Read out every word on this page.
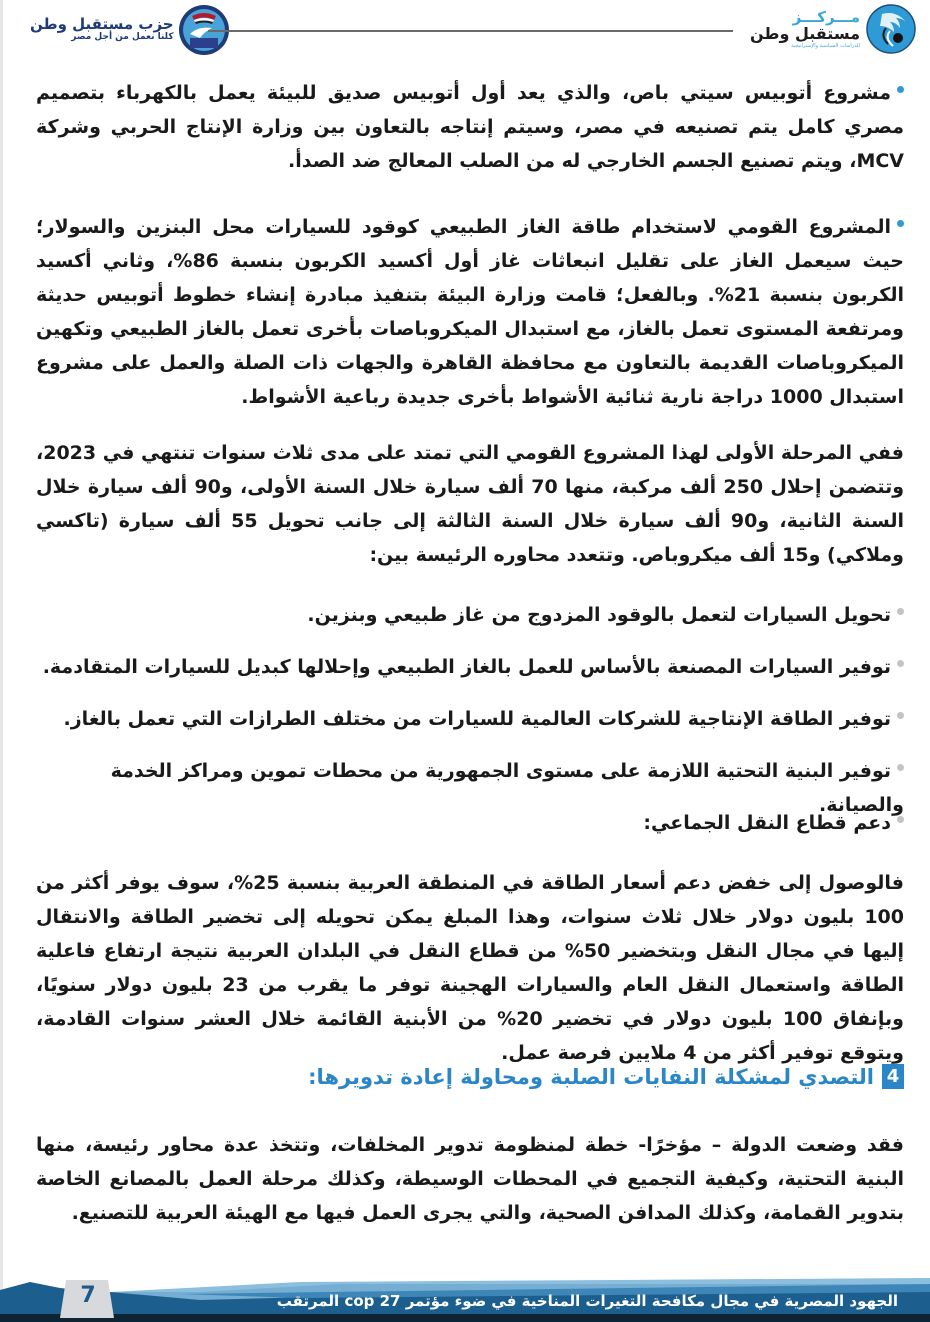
حزب مستقبل وطن
كلنا نعمل من أجل مصر
مـــركـــز
مستقبل وطن
للدراسات السياسية والإستراتيجية

مشروع أتوبيس سيتي باص، والذي يعد أول أتوبيس صديق للبيئة يعمل بالكهرباء بتصميم مصري كامل يتم تصنيعه في مصر، وسيتم إنتاجه بالتعاون بين وزارة الإنتاج الحربي وشركة MCV، ويتم تصنيع الجسم الخارجي له من الصلب المعالج ضد الصدأ.

المشروع القومي لاستخدام طاقة الغاز الطبيعي كوقود للسيارات محل البنزين والسولار؛ حيث سيعمل الغاز على تقليل انبعاثات غاز أول أكسيد الكربون بنسبة 86%، وثاني أكسيد الكربون بنسبة 21%. وبالفعل؛ قامت وزارة البيئة بتنفيذ مبادرة إنشاء خطوط أتوبيس حديثة ومرتفعة المستوى تعمل بالغاز، مع استبدال الميكروباصات بأخرى تعمل بالغاز الطبيعي وتكهين الميكروباصات القديمة بالتعاون مع محافظة القاهرة والجهات ذات الصلة والعمل على مشروع استبدال 1000 دراجة نارية ثنائية الأشواط بأخرى جديدة رباعية الأشواط.

ففي المرحلة الأولى لهذا المشروع القومي التي تمتد على مدى ثلاث سنوات تنتهي في 2023، وتتضمن إحلال 250 ألف مركبة، منها 70 ألف سيارة خلال السنة الأولى، و90 ألف سيارة خلال السنة الثانية، و90 ألف سيارة خلال السنة الثالثة إلى جانب تحويل 55 ألف سيارة (تاكسي وملاكي) و15 ألف ميكروباص. وتتعدد محاوره الرئيسة بين:

تحويل السيارات لتعمل بالوقود المزدوج من غاز طبيعي وبنزين.
توفير السيارات المصنعة بالأساس للعمل بالغاز الطبيعي وإحلالها كبديل للسيارات المتقادمة.
توفير الطاقة الإنتاجية للشركات العالمية للسيارات من مختلف الطرازات التي تعمل بالغاز.
توفير البنية التحتية اللازمة على مستوى الجمهورية من محطات تموين ومراكز الخدمة والصيانة.
دعم قطاع النقل الجماعي:

فالوصول إلى خفض دعم أسعار الطاقة في المنطقة العربية بنسبة 25%، سوف يوفر أكثر من 100 بليون دولار خلال ثلاث سنوات، وهذا المبلغ يمكن تحويله إلى تخضير الطاقة والانتقال إليها في مجال النقل وبتخضير 50% من قطاع النقل في البلدان العربية نتيجة ارتفاع فاعلية الطاقة واستعمال النقل العام والسيارات الهجينة توفر ما يقرب من 23 بليون دولار سنويًا، وبإنفاق 100 بليون دولار في تخضير 20% من الأبنية القائمة خلال العشر سنوات القادمة، ويتوقع توفير أكثر من 4 ملايين فرصة عمل.

4
التصدي لمشكلة النفايات الصلبة ومحاولة إعادة تدويرها:

فقد وضعت الدولة – مؤخرًا- خطة لمنظومة تدوير المخلفات، وتتخذ عدة محاور رئيسة، منها البنية التحتية، وكيفية التجميع في المحطات الوسيطة، وكذلك مرحلة العمل بالمصانع الخاصة بتدوير القمامة، وكذلك المدافن الصحية، والتي يجرى العمل فيها مع الهيئة العربية للتصنيع.

7	الجهود المصرية في مجال مكافحة التغيرات المناخية في ضوء مؤتمر cop 27 المرتقب
